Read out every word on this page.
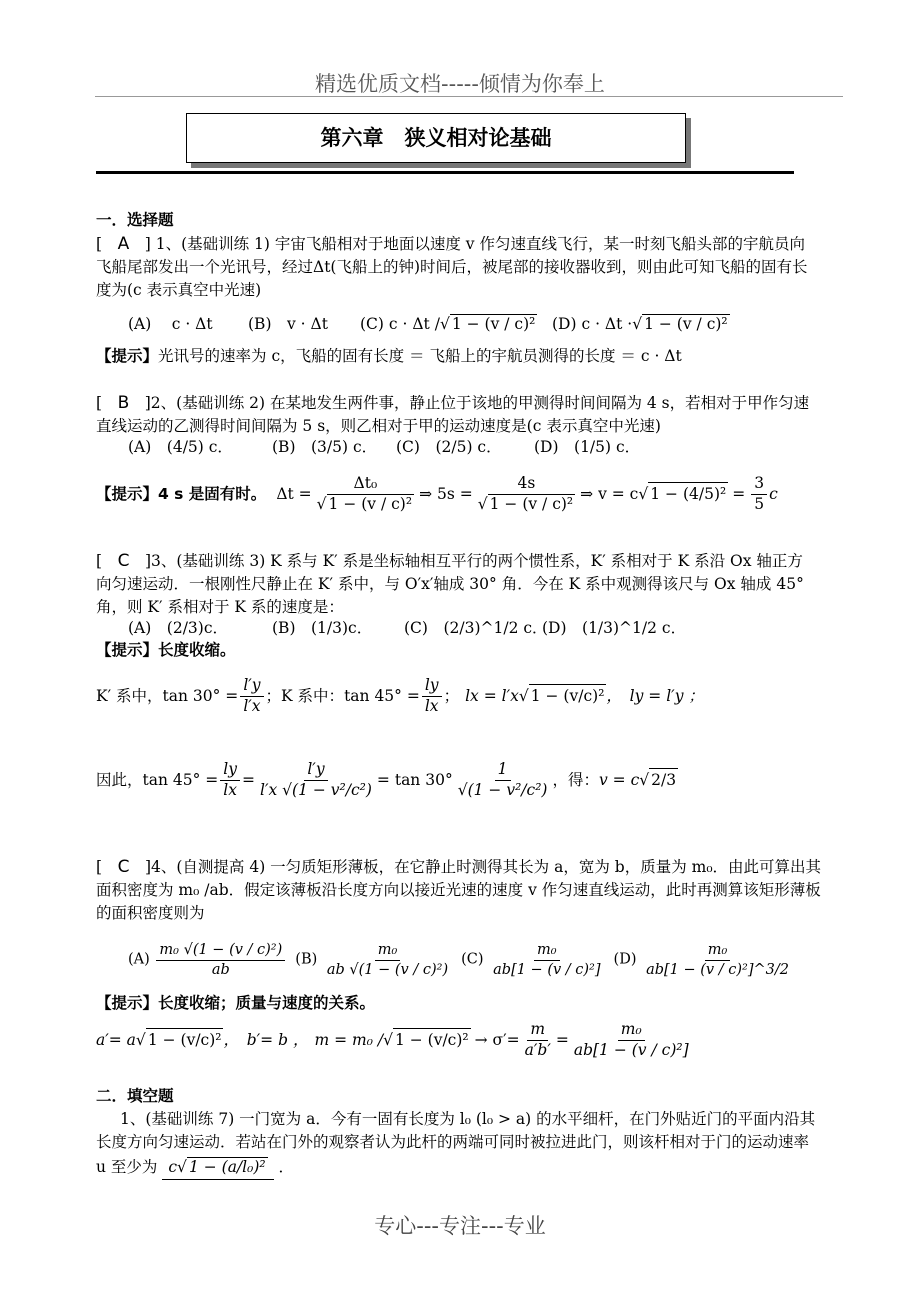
精选优质文档-----倾情为你奉上
第六章　狭义相对论基础
一．选择题
[　A　] 1、(基础训练 1) 宇宙飞船相对于地面以速度 v 作匀速直线飞行，某一时刻飞船头部的宇航员向
飞船尾部发出一个光讯号，经过Δt(飞船上的钟)时间后，被尾部的接收器收到，则由此可知飞船的固有长
度为(c 表示真空中光速)
(A)　 c · Δt (B)　v · Δt (C) c · Δt /√ 1 − (v / c)² (D) c · Δt ·√ 1 − (v / c)²
【提示】光讯号的速率为 c，飞船的固有长度 ＝ 飞船上的宇航员测得的长度 ＝ c · Δt
[　B　]2、(基础训练 2) 在某地发生两件事，静止位于该地的甲测得时间间隔为 4 s，若相对于甲作匀速
直线运动的乙测得时间间隔为 5 s，则乙相对于甲的运动速度是(c 表示真空中光速)
(A)　(4/5) c．	(B)　(3/5) c． (C)　(2/5) c． (D)　(1/5) c．
【提示】4 s 是固有时。 $\Delta t = \frac{\text{Δt₀}}{\text{√ 1 − (v / c)²}}$ ⇒ $5s = \frac{4s}{\text{√ 1 − (v / c)²}}$ ⇒ v = c √ $1 - (4/5)^2 = \frac{3}{5}$ c
[　C　]3、(基础训练 3) K 系与 K′ 系是坐标轴相互平行的两个惯性系，K′ 系相对于 K 系沿 Ox 轴正方
向匀速运动．一根刚性尺静止在 K′ 系中，与 O′x′轴成 30° 角．今在 K 系中观测得该尺与 Ox 轴成 45°
角，则 K′ 系相对于 K 系的速度是：
(A)　(2/3)c．	(B)　(1/3)c． (C)　(2/3)^1/2 c．
(D)　(1/3)^1/2 c．
【提示】长度收缩。
K′ 系中， $\tan 30^\circ = \frac{l'y}{l'x}$ ；K 系中： $\tan 45^\circ = \frac{ly}{lx}$ ； lx = l′x √ 1 − (v/c)² ，　ly = l′y ；
因此， $\tan 45^\circ = \frac{ly}{lx} = \frac{l'y}{\text{l′x √(1 − v²/c²)}} = \tan 30^\circ$
1
√(1 − v²/c²)
，得： v = c √ 2/3
[　C　]4、(自测提高 4) 一匀质矩形薄板，在它静止时测得其长为 a，宽为 b，质量为 m₀．由此可算出其
面积密度为 m₀ /ab．假定该薄板沿长度方向以接近光速的速度 v 作匀速直线运动，此时再测算该矩形薄板
的面积密度则为
$(A) \frac{\text{m₀ √(1 − (v / c)²)}}{ab} (B) \frac{\text{m₀}}{\text{ab √(1 − (v / c)²)}} (C) \frac{\text{m₀}}{\text{ab[1 − (v / c)²]}} (D) \frac{\text{m₀}}{\text{ab[1 − (v / c)²]\textasciicircum{}3/2}}$
【提示】长度收缩；质量与速度的关系。
a′= a √ 1 − (v/c)² ，　b′= b ， m = m₀ / √ $1 - (v/c)^2 \to \sigma'= \frac{m}{a'b'} = \frac{\text{m₀}}{\text{ab[1 − (v / c)²]}}$
二．填空题
1、(基础训练 7) 一门宽为 a．今有一固有长度为 l₀ (l₀ > a) 的水平细杆，在门外贴近门的平面内沿其
长度方向匀速运动．若站在门外的观察者认为此杆的两端可同时被拉进此门，则该杆相对于门的运动速率
u 至少为 c√ 1 − (a/l₀)² ．
专心---专注---专业
